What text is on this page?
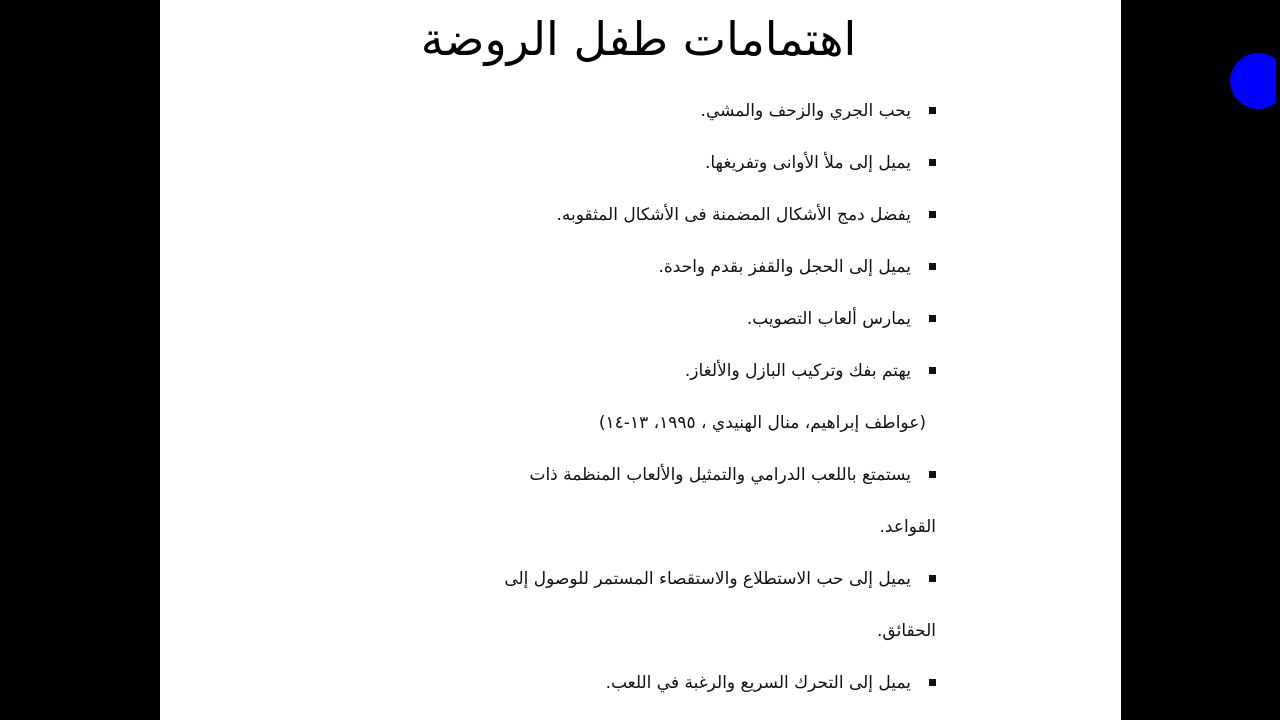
اهتمامات طفل الروضة
يحب الجري والزحف والمشي.
يميل إلى ملأ الأوانى وتفريغها.
يفضل دمج الأشكال المضمنة فى الأشكال المثقوبه.
يميل إلى الحجل والقفز بقدم واحدة.
يمارس ألعاب التصويب.
يهتم بفك وتركيب البازل والألغاز.
(عواطف إبراهيم، منال الهنيدي ، ١٩٩٥، ١٣-١٤)
يستمتع باللعب الدرامي والتمثيل والألعاب المنظمة ذات
القواعد.
يميل إلى حب الاستطلاع والاستقصاء المستمر للوصول إلى
الحقائق.
يميل إلى التحرك السريع والرغبة في اللعب.
